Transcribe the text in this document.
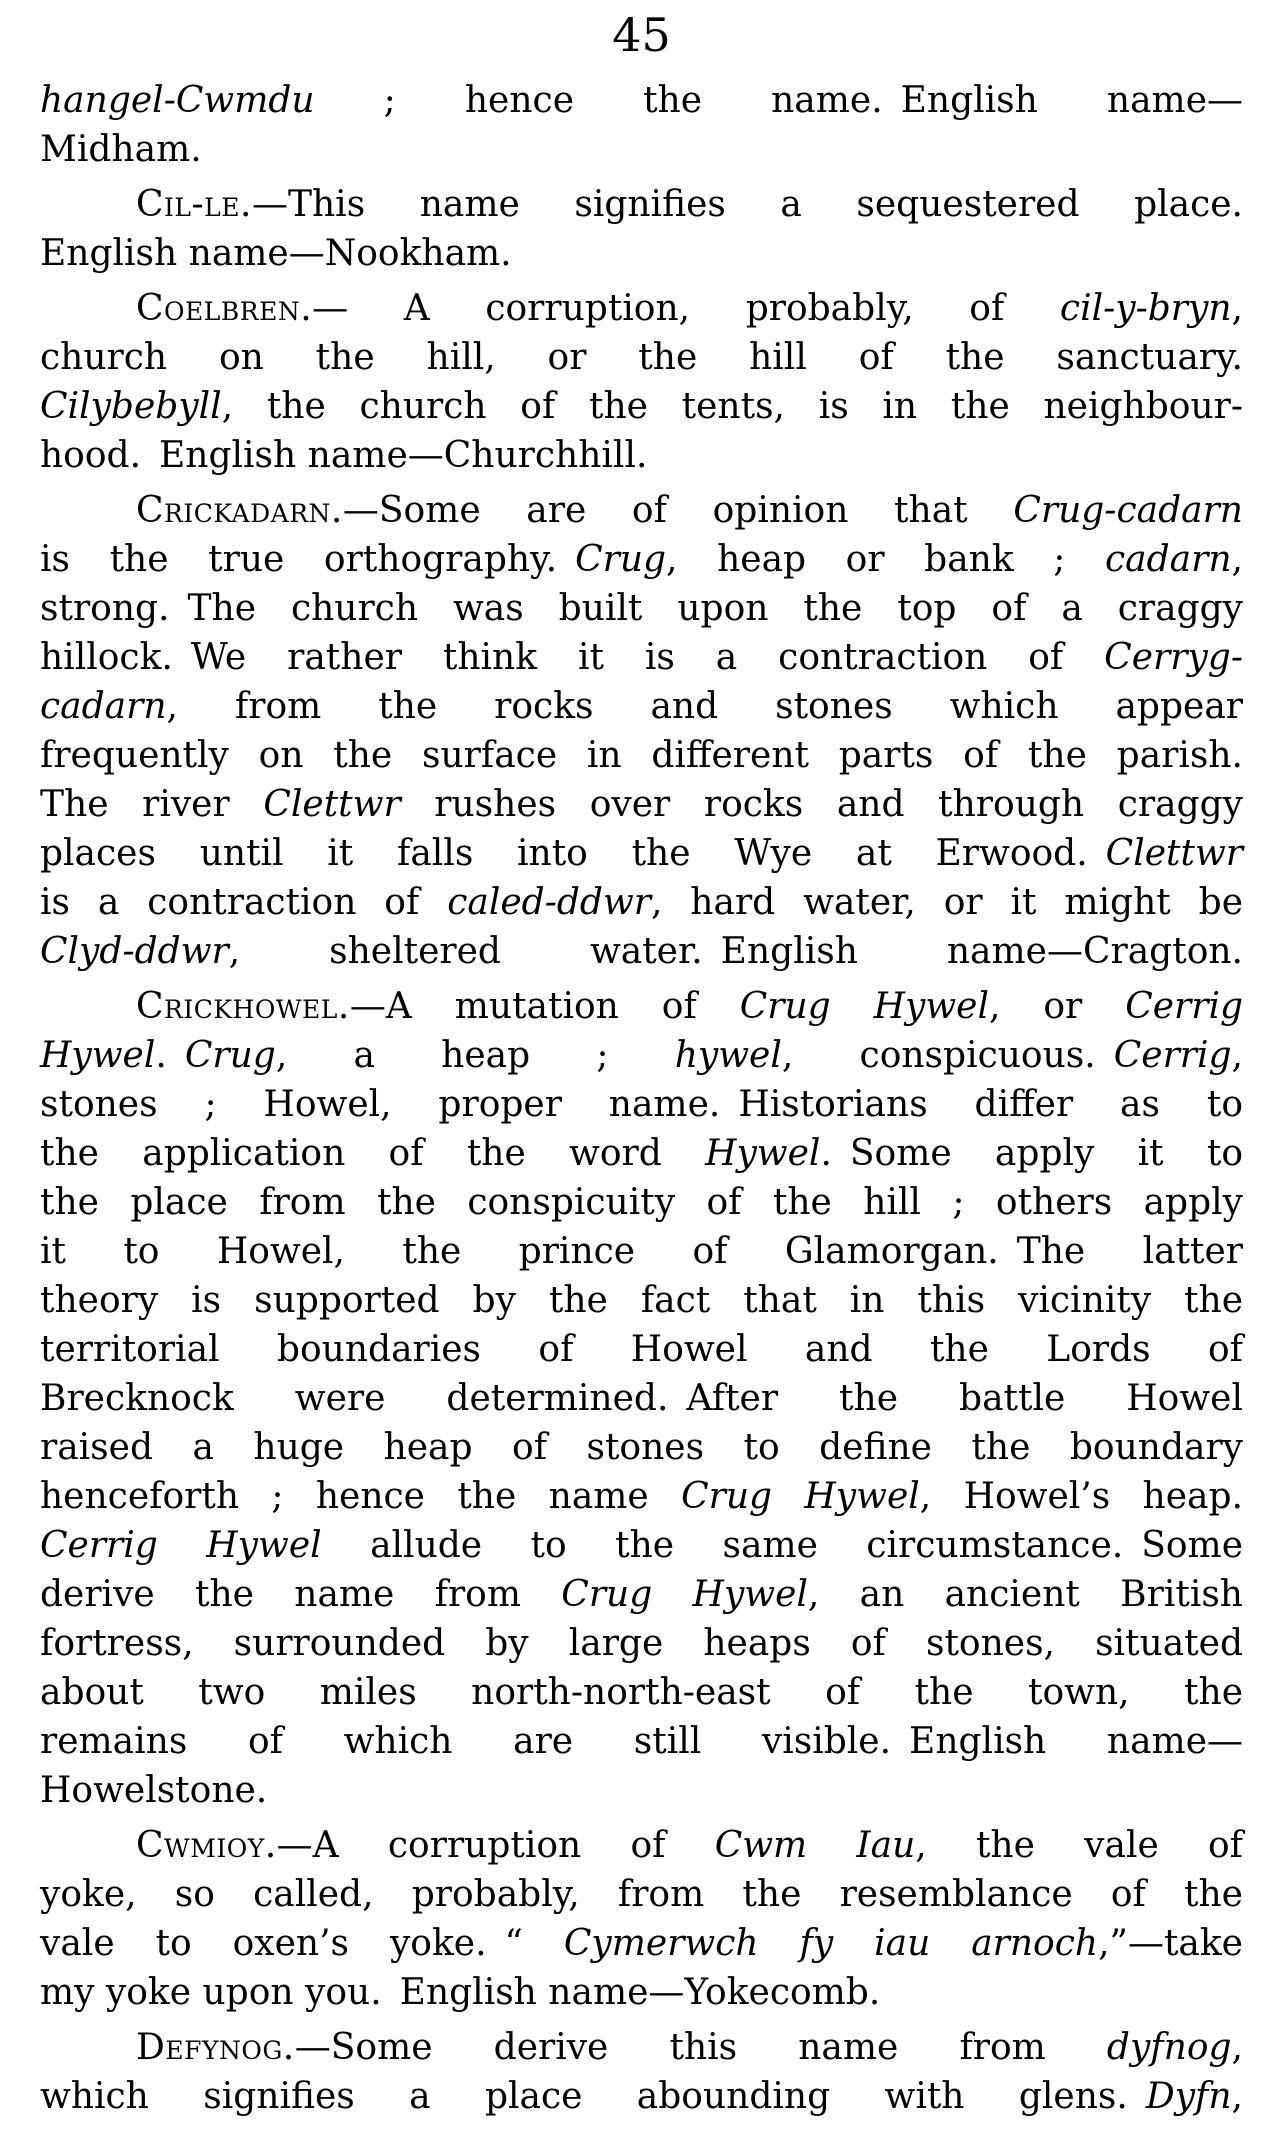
45

hangel-Cwmdu ; hence the name. English name—
Midham.

Cil-le.—This name signifies a sequestered place.
English name—Nookham.

Coelbren.— A corruption, probably, of cil-y-bryn,
church on the hill, or the hill of the sanctuary.
Cilybebyll, the church of the tents, is in the neighbour-
hood. English name—Churchhill.

Crickadarn.—Some are of opinion that Crug-cadarn
is the true orthography. Crug, heap or bank ; cadarn,
strong. The church was built upon the top of a craggy
hillock. We rather think it is a contraction of Cerryg-
cadarn, from the rocks and stones which appear
frequently on the surface in different parts of the parish.
The river Clettwr rushes over rocks and through craggy
places until it falls into the Wye at Erwood. Clettwr
is a contraction of caled-ddwr, hard water, or it might be
Clyd-ddwr, sheltered water. English name—Cragton.

Crickhowel.—A mutation of Crug Hywel, or Cerrig
Hywel. Crug, a heap ; hywel, conspicuous. Cerrig,
stones ; Howel, proper name. Historians differ as to
the application of the word Hywel. Some apply it to
the place from the conspicuity of the hill ; others apply
it to Howel, the prince of Glamorgan. The latter
theory is supported by the fact that in this vicinity the
territorial boundaries of Howel and the Lords of
Brecknock were determined. After the battle Howel
raised a huge heap of stones to define the boundary
henceforth ; hence the name Crug Hywel, Howel’s heap.
Cerrig Hywel allude to the same circumstance. Some
derive the name from Crug Hywel, an ancient British
fortress, surrounded by large heaps of stones, situated
about two miles north-north-east of the town, the
remains of which are still visible. English name—
Howelstone.

Cwmioy.—A corruption of Cwm Iau, the vale of
yoke, so called, probably, from the resemblance of the
vale to oxen’s yoke. “ Cymerwch fy iau arnoch,”—take
my yoke upon you. English name—Yokecomb.

Defynog.—Some derive this name from dyfnog,
which signifies a place abounding with glens. Dyfn,
